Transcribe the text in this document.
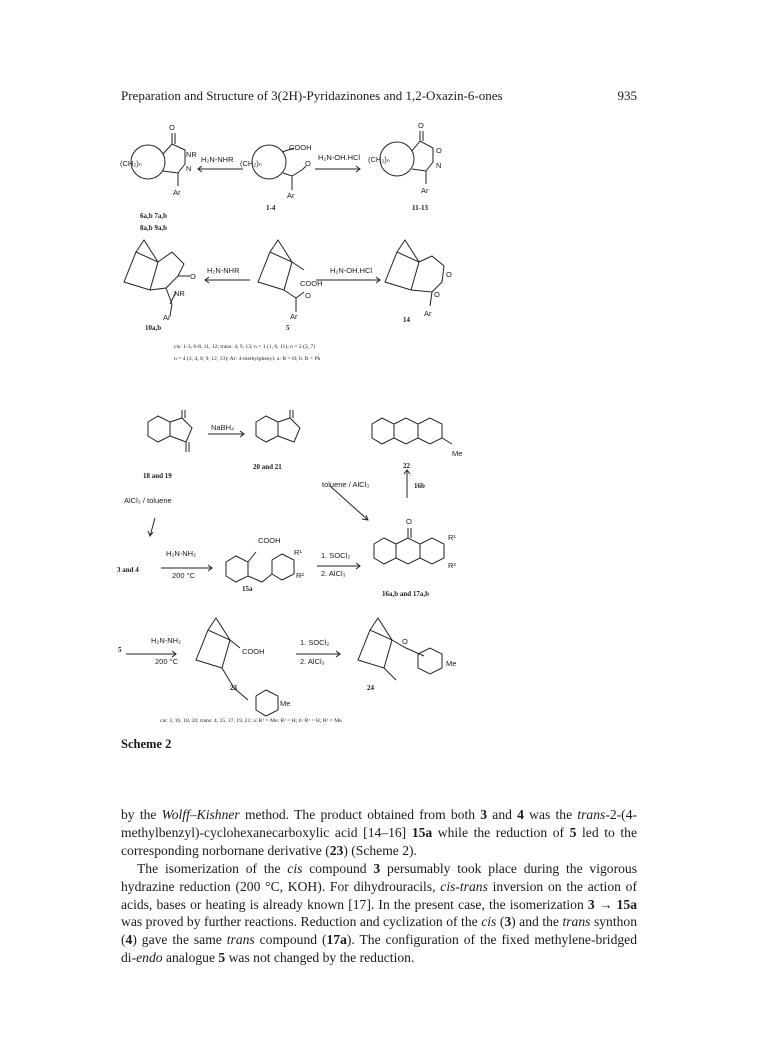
Preparation and Structure of 3(2H)-Pyridazinones and 1,2-Oxazin-6-ones	935
O
NR
N
Ar
(CH₂)ₙ	H₂N-NHR (CH₂)ₙ
COOH
O
Ar
H₂N-OH.HCl (CH₂)ₙ
O
O
N
Ar
H₂N-NHR	H₂N-OH.HCl
O
NR
Ar
COOH
O
Ar
O
O
Ar
6a,b 7a,b
8a,b 9a,b
1-4	11-13
10a,b	5
14
cis: 1-3, 6-8, 11, 12; trans: 4, 9, 13; n = 1 (1, 6, 11); n = 2 (2, 7)
n = 4 (3, 4, 8, 9, 12, 13); Ar: 4-methylphenyl; a: R = H; b: R = Ph
NaBH₄
AlCl₃ / toluene
toluene / AlCl₃
H₂N-NH₂
200 °C
1. SOCl₂
2. AlCl₃
H₂N-NH₂
200 °C
1. SOCl₂
2. AlCl₃
Me
COOH
R¹
R²
R¹
R²
O
COOH
Me
O
Me
18 and 19
20 and 21	22
16b
3 and 4
15a
16a,b and 17a,b
5
23	24
cis: 3, 16, 18, 20; trans: 4, 15, 17, 19, 21; a: R¹ = Me; R² = H; b: R¹ = H; R² = Me
Scheme 2

by the Wolff–Kishner method. The product obtained from both 3 and 4 was the trans-2-(4-methylbenzyl)-cyclohexanecarboxylic acid [14–16] 15a while the reduction of 5 led to the corresponding norbornane derivative (23) (Scheme 2).

The isomerization of the cis compound 3 persumably took place during the vigorous hydrazine reduction (200 °C, KOH). For dihydrouracils, cis-trans inversion on the action of acids, bases or heating is already known [17]. In the present case, the isomerization 3 → 15a was proved by further reactions. Reduction and cyclization of the cis (3) and the trans synthon (4) gave the same trans compound (17a). The configuration of the fixed methylene-bridged di-endo analogue 5 was not changed by the reduction.
